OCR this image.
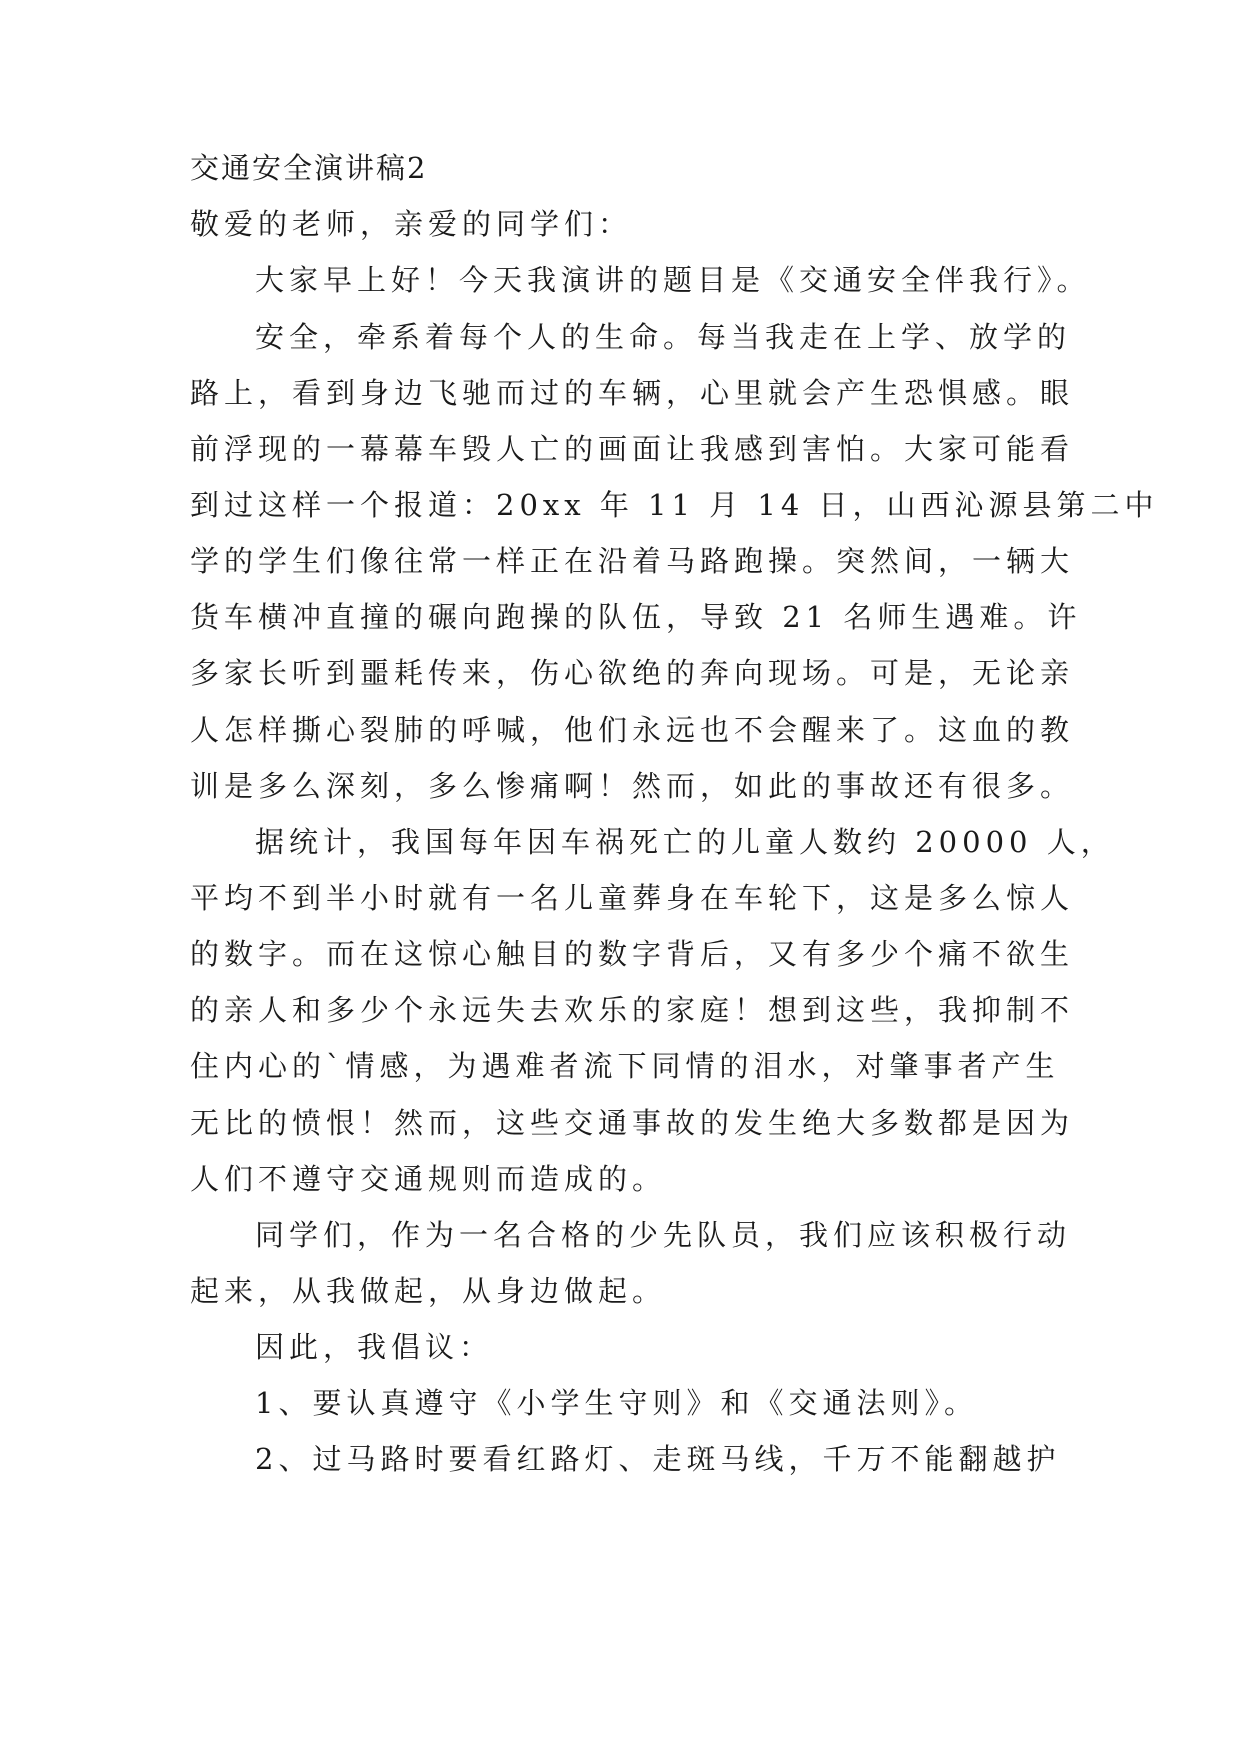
交通安全演讲稿2
敬爱的老师，亲爱的同学们：
大家早上好！今天我演讲的题目是《交通安全伴我行》。
安全，牵系着每个人的生命。每当我走在上学、放学的
路上，看到身边飞驰而过的车辆，心里就会产生恐惧感。眼
前浮现的一幕幕车毁人亡的画面让我感到害怕。大家可能看
到过这样一个报道：20xx 年 11 月 14 日，山西沁源县第二中
学的学生们像往常一样正在沿着马路跑操。突然间，一辆大
货车横冲直撞的碾向跑操的队伍，导致 21 名师生遇难。许
多家长听到噩耗传来，伤心欲绝的奔向现场。可是，无论亲
人怎样撕心裂肺的呼喊，他们永远也不会醒来了。这血的教
训是多么深刻，多么惨痛啊！然而，如此的事故还有很多。
据统计，我国每年因车祸死亡的儿童人数约 20000 人，
平均不到半小时就有一名儿童葬身在车轮下，这是多么惊人
的数字。而在这惊心触目的数字背后，又有多少个痛不欲生
的亲人和多少个永远失去欢乐的家庭！想到这些，我抑制不
住内心的`情感，为遇难者流下同情的泪水，对肇事者产生
无比的愤恨！然而，这些交通事故的发生绝大多数都是因为
人们不遵守交通规则而造成的。
同学们，作为一名合格的少先队员，我们应该积极行动
起来，从我做起，从身边做起。
因此，我倡议：
1、要认真遵守《小学生守则》和《交通法则》。
2、过马路时要看红路灯、走斑马线，千万不能翻越护
